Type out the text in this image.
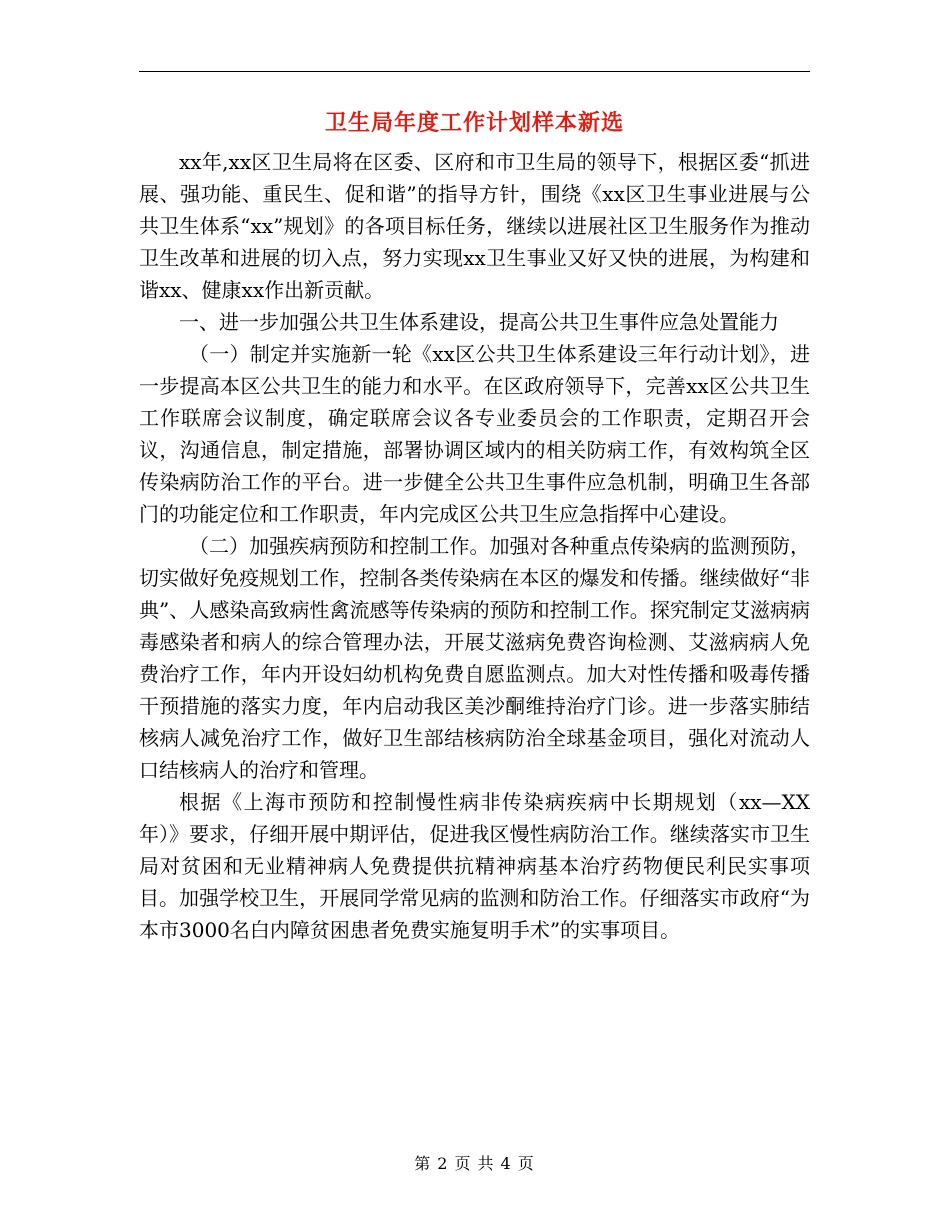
卫生局年度工作计划样本新选

xx年,xx区卫生局将在区委、区府和市卫生局的领导下，根据区委“抓进展、强功能、重民生、促和谐”的指导方针，围绕《xx区卫生事业进展与公共卫生体系“xx”规划》的各项目标任务，继续以进展社区卫生服务作为推动卫生改革和进展的切入点，努力实现xx卫生事业又好又快的进展，为构建和谐xx、健康xx作出新贡献。

一、进一步加强公共卫生体系建设，提高公共卫生事件应急处置能力

（一）制定并实施新一轮《xx区公共卫生体系建设三年行动计划》，进一步提高本区公共卫生的能力和水平。在区政府领导下，完善xx区公共卫生工作联席会议制度，确定联席会议各专业委员会的工作职责，定期召开会议，沟通信息，制定措施，部署协调区域内的相关防病工作，有效构筑全区传染病防治工作的平台。进一步健全公共卫生事件应急机制，明确卫生各部门的功能定位和工作职责，年内完成区公共卫生应急指挥中心建设。

（二）加强疾病预防和控制工作。加强对各种重点传染病的监测预防，切实做好免疫规划工作，控制各类传染病在本区的爆发和传播。继续做好“非典”、人感染高致病性禽流感等传染病的预防和控制工作。探究制定艾滋病病毒感染者和病人的综合管理办法，开展艾滋病免费咨询检测、艾滋病病人免费治疗工作，年内开设妇幼机构免费自愿监测点。加大对性传播和吸毒传播干预措施的落实力度，年内启动我区美沙酮维持治疗门诊。进一步落实肺结核病人减免治疗工作，做好卫生部结核病防治全球基金项目，强化对流动人口结核病人的治疗和管理。

根据《上海市预防和控制慢性病非传染病疾病中长期规划（xx—XX年）》要求，仔细开展中期评估，促进我区慢性病防治工作。继续落实市卫生局对贫困和无业精神病人免费提供抗精神病基本治疗药物便民利民实事项目。加强学校卫生，开展同学常见病的监测和防治工作。仔细落实市政府“为本市3000名白内障贫困患者免费实施复明手术”的实事项目。

第 2 页 共 4 页
